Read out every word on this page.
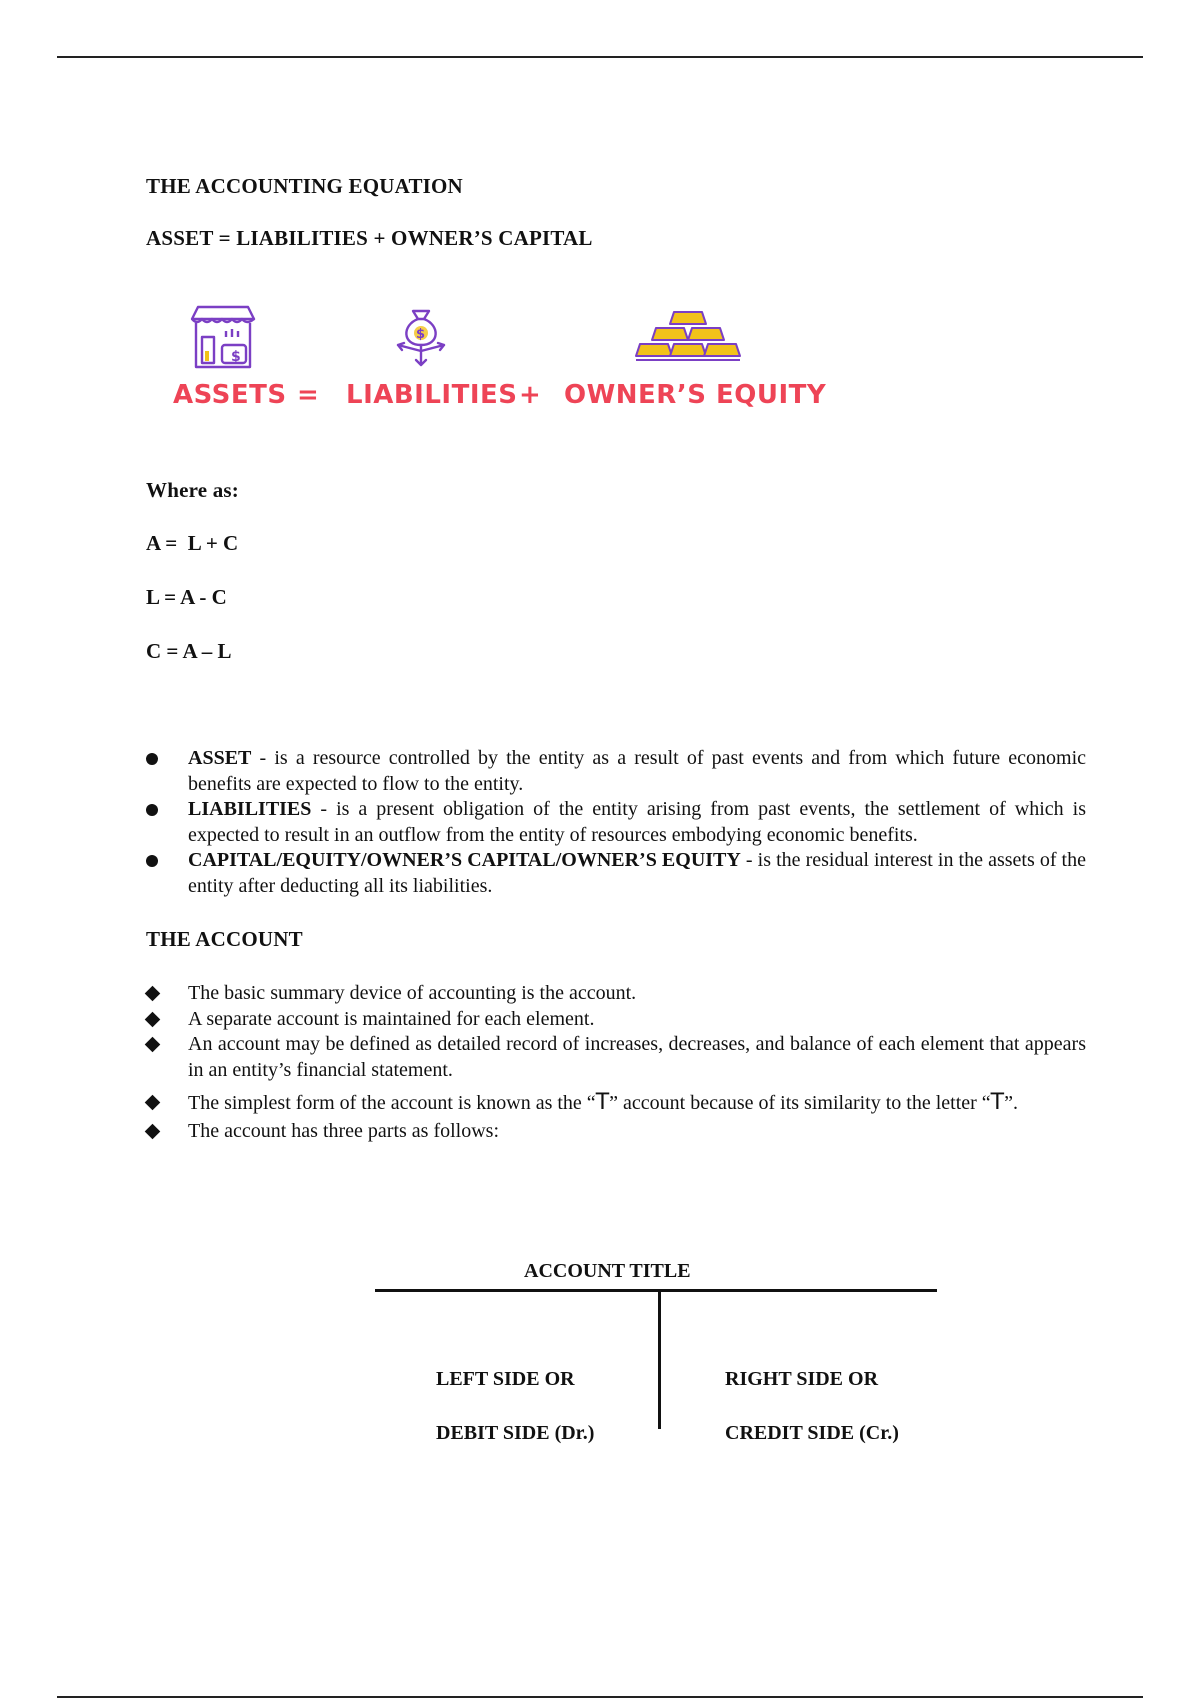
THE ACCOUNTING EQUATION
ASSET = LIABILITIES + OWNER’S CAPITAL
$
$
ASSETS = LIABILITIES + OWNER’S EQUITY
Where as:
A =  L + C
L = A - C
C = A – L
ASSET - is a resource controlled by the entity as a result of past events and from which future economic benefits are expected to flow to the entity.
LIABILITIES - is a present obligation of the entity arising from past events, the settlement of which is expected to result in an outflow from the entity of resources embodying economic benefits.
CAPITAL/EQUITY/OWNER’S CAPITAL/OWNER’S EQUITY - is the residual interest in the assets of the entity after deducting all its liabilities.
THE ACCOUNT
The basic summary device of accounting is the account.
A separate account is maintained for each element.
An account may be defined as detailed record of increases, decreases, and balance of each element that appears in an entity’s financial statement.
The simplest form of the account is known as the “T” account because of its similarity to the letter “T”.
The account has three parts as follows:
ACCOUNT TITLE
LEFT SIDE OR
DEBIT SIDE (Dr.)
RIGHT SIDE OR
CREDIT SIDE (Cr.)
